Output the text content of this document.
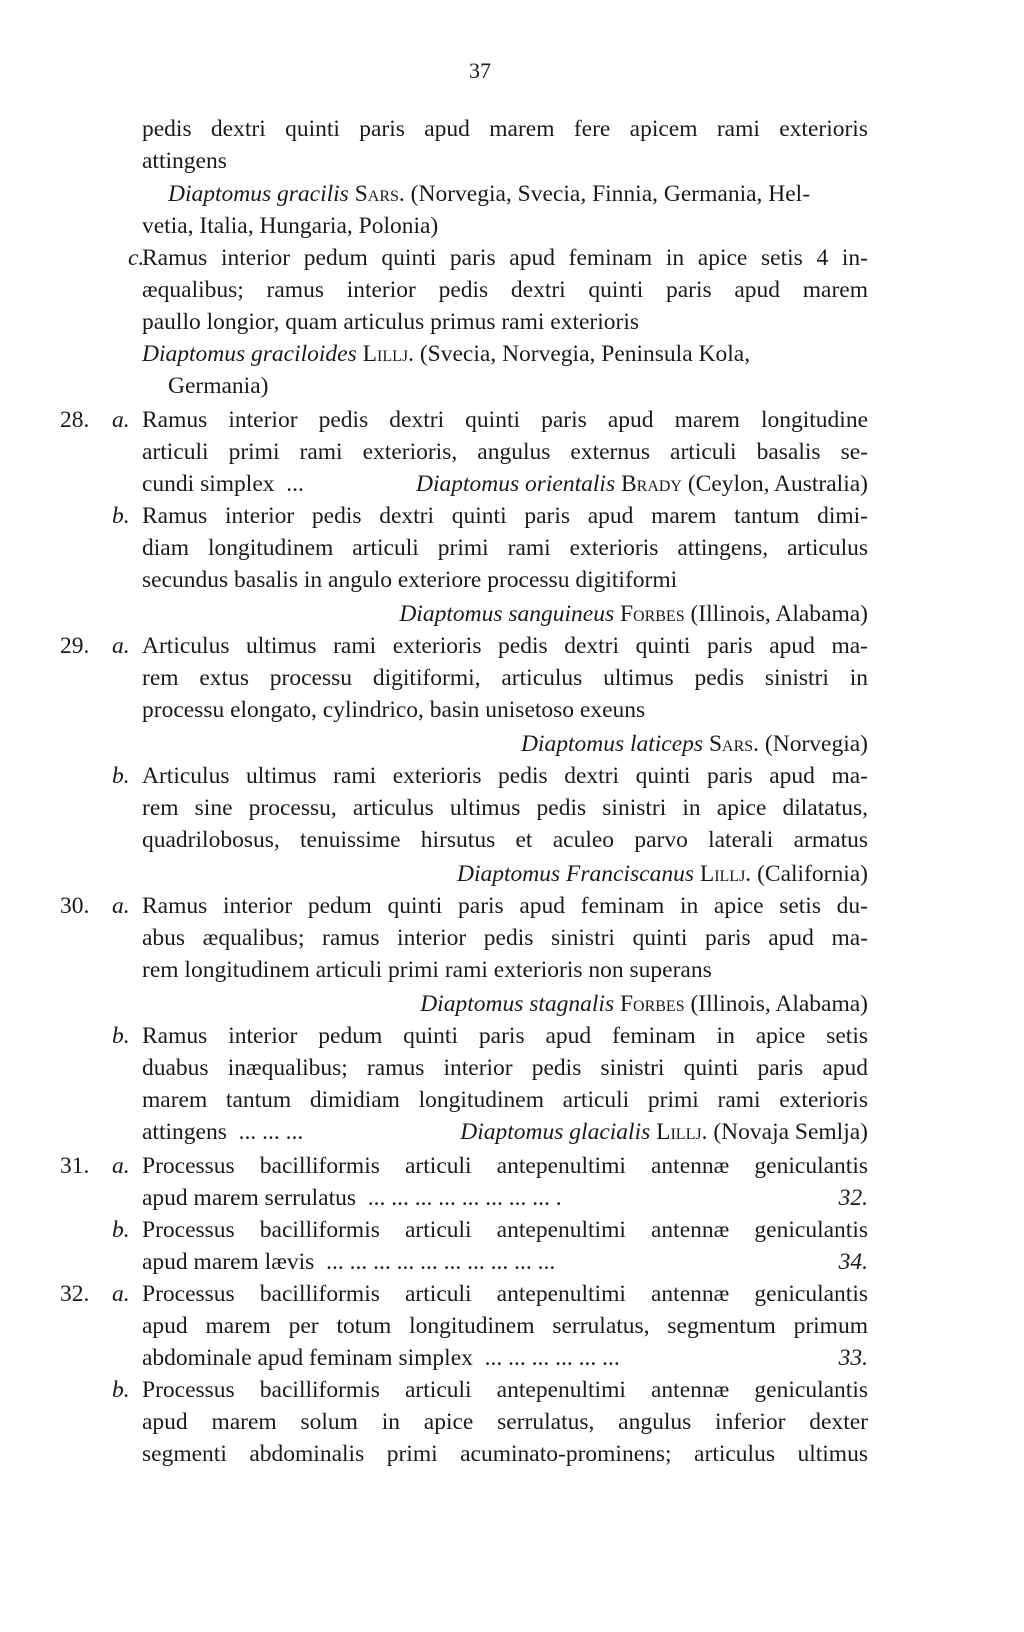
37
pedis dextri quinti paris apud marem fere apicem rami exterioris
attingens
Diaptomus gracilis Sars. (Norvegia, Svecia, Finnia, Germania, Hel-
vetia, Italia, Hungaria, Polonia)
c.
Ramus interior pedum quinti paris apud feminam in apice setis 4 in-
æqualibus; ramus interior pedis dextri quinti paris apud marem
paullo longior, quam articulus primus rami exterioris
Diaptomus graciloides Lillj. (Svecia, Norvegia, Peninsula Kola,
Germania)
28. a. Ramus interior pedis dextri quinti paris apud marem longitudine
articuli primi rami exterioris, angulus externus articuli basalis se-
cundi simplex ...	Diaptomus orientalis Brady (Ceylon, Australia)
b. Ramus interior pedis dextri quinti paris apud marem tantum dimi-
diam longitudinem articuli primi rami exterioris attingens, articulus
secundus basalis in angulo exteriore processu digitiformi
Diaptomus sanguineus Forbes (Illinois, Alabama)
29. a. Articulus ultimus rami exterioris pedis dextri quinti paris apud ma-
rem extus processu digitiformi, articulus ultimus pedis sinistri in
processu elongato, cylindrico, basin unisetoso exeuns
Diaptomus laticeps Sars. (Norvegia)
b. Articulus ultimus rami exterioris pedis dextri quinti paris apud ma-
rem sine processu, articulus ultimus pedis sinistri in apice dilatatus,
quadrilobosus, tenuissime hirsutus et aculeo parvo laterali armatus
Diaptomus Franciscanus Lillj. (California)
30. a. Ramus interior pedum quinti paris apud feminam in apice setis du-
abus æqualibus; ramus interior pedis sinistri quinti paris apud ma-
rem longitudinem articuli primi rami exterioris non superans
Diaptomus stagnalis Forbes (Illinois, Alabama)
b. Ramus interior pedum quinti paris apud feminam in apice setis
duabus inæqualibus; ramus interior pedis sinistri quinti paris apud
marem tantum dimidiam longitudinem articuli primi rami exterioris
attingens ... ... ...	Diaptomus glacialis Lillj. (Novaja Semlja)
31. a. Processus bacilliformis articuli antepenultimi antennæ geniculantis
apud marem serrulatus ... ... ... ... ... ... ... ... .	32.
b. Processus bacilliformis articuli antepenultimi antennæ geniculantis
apud marem lævis ... ... ... ... ... ... ... ... ... ...	34.
32. a. Processus bacilliformis articuli antepenultimi antennæ geniculantis
apud marem per totum longitudinem serrulatus, segmentum primum
abdominale apud feminam simplex ... ... ... ... ... ...	33.
b. Processus bacilliformis articuli antepenultimi antennæ geniculantis
apud marem solum in apice serrulatus, angulus inferior dexter
segmenti abdominalis primi acuminato-prominens; articulus ultimus
